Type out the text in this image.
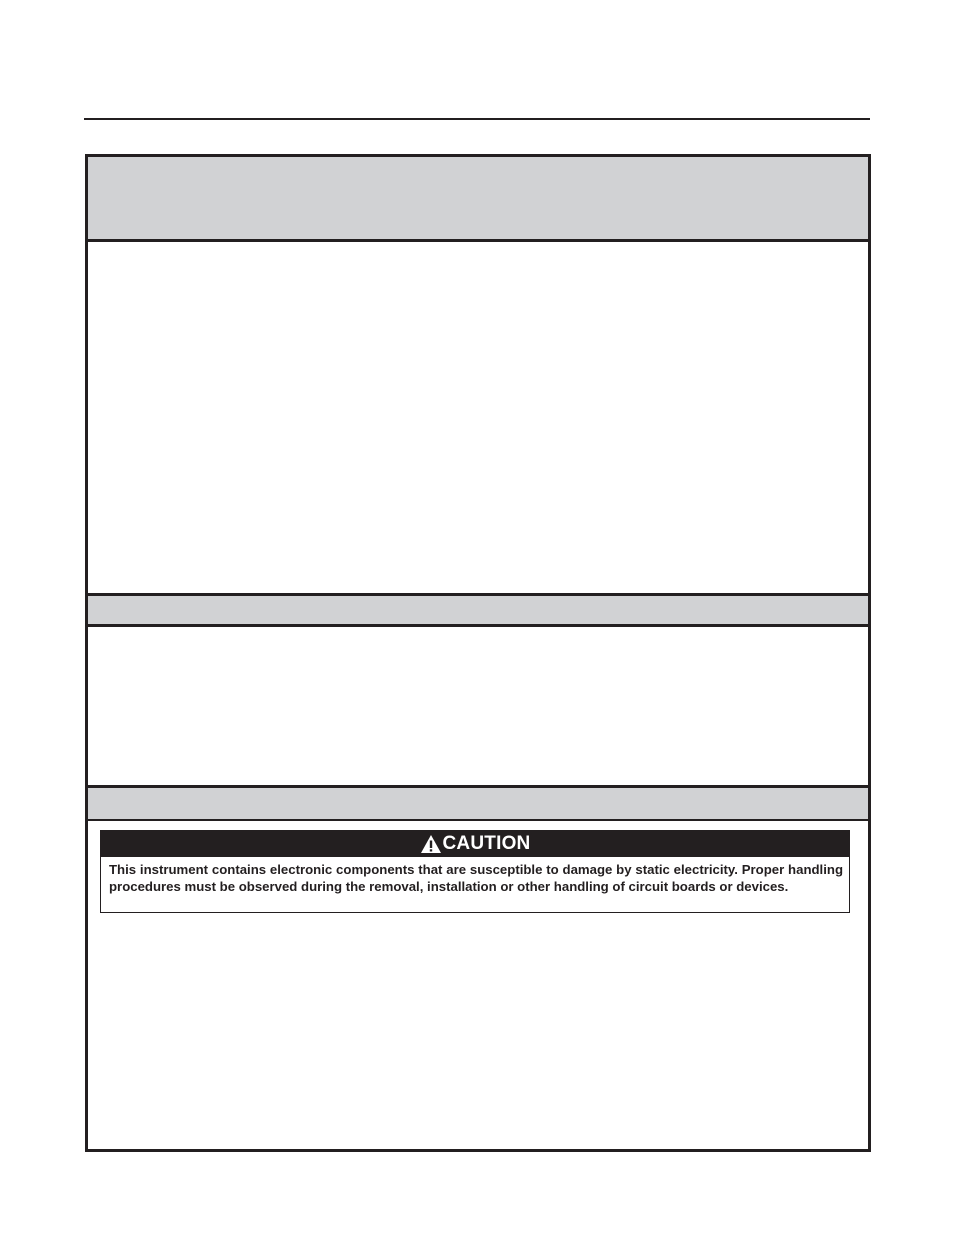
CAUTION
This instrument contains electronic components that are susceptible to damage by static electricity. Proper handling procedures must be observed during the removal, installation or other handling of circuit boards or devices.
